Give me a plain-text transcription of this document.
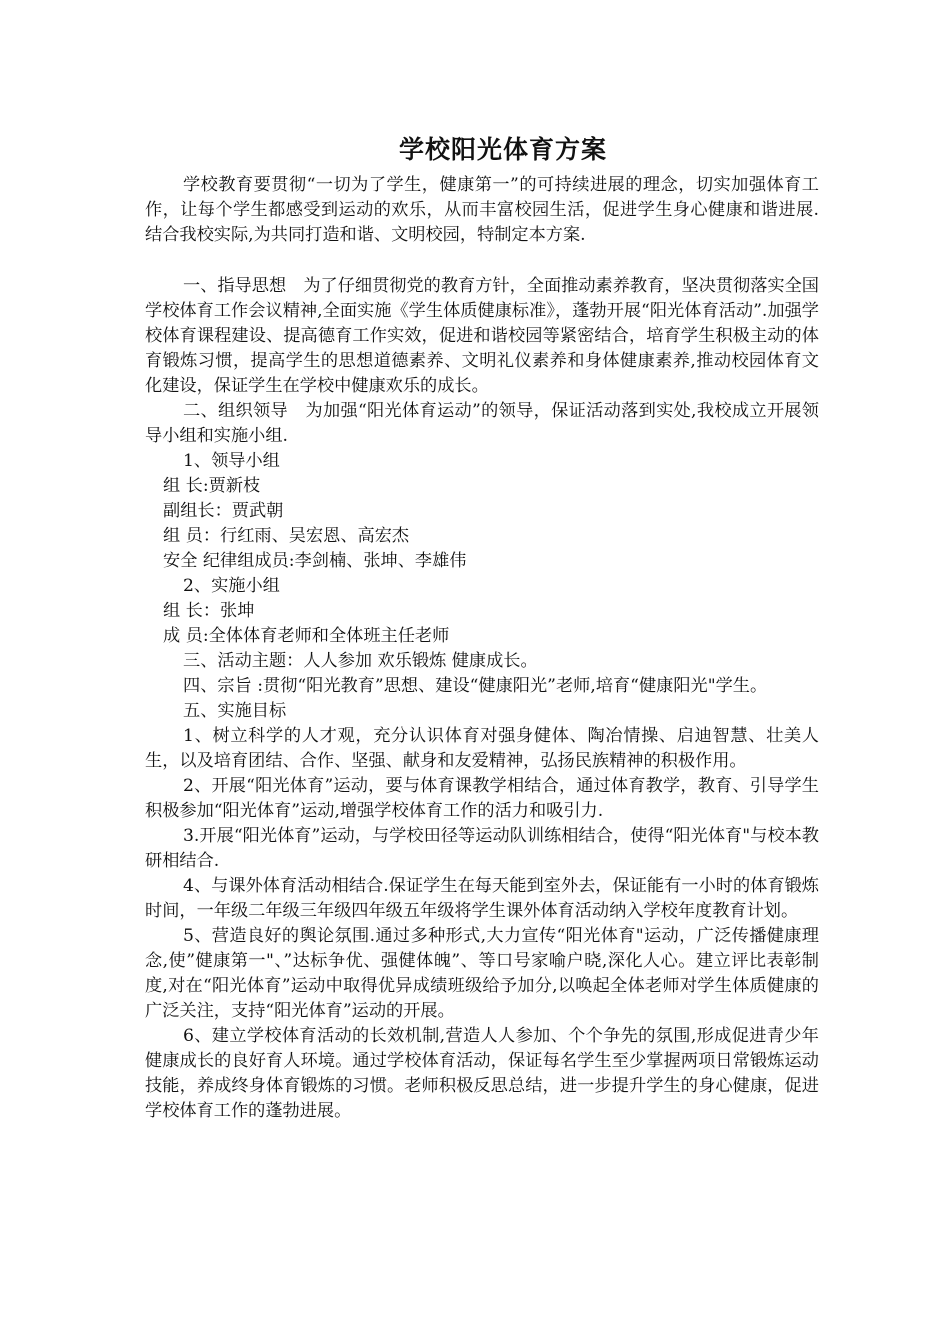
学校阳光体育方案

学校教育要贯彻“一切为了学生，健康第一”的可持续进展的理念，切实加强体育工作，让每个学生都感受到运动的欢乐，从而丰富校园生活，促进学生身心健康和谐进展.结合我校实际,为共同打造和谐、文明校园，特制定本方案.

一、指导思想　为了仔细贯彻党的教育方针，全面推动素养教育，坚决贯彻落实全国学校体育工作会议精神,全面实施《学生体质健康标准》，蓬勃开展“阳光体育活动”.加强学校体育课程建设、提高德育工作实效，促进和谐校园等紧密结合，培育学生积极主动的体育锻炼习惯，提高学生的思想道德素养、文明礼仪素养和身体健康素养,推动校园体育文化建设，保证学生在学校中健康欢乐的成长。

二、组织领导　为加强“阳光体育运动”的领导，保证活动落到实处,我校成立开展领导小组和实施小组.

1、领导小组

组 长:贾新枝

副组长：贾武朝

组 员：行红雨、吴宏恩、高宏杰

安全 纪律组成员:李剑楠、张坤、李雄伟

2、实施小组

组 长：张坤

成 员:全体体育老师和全体班主任老师

三、活动主题：人人参加 欢乐锻炼 健康成长。

四、宗旨 :贯彻“阳光教育”思想、建设“健康阳光”老师,培育“健康阳光"学生。

五、实施目标

1、树立科学的人才观，充分认识体育对强身健体、陶冶情操、启迪智慧、壮美人生，以及培育团结、合作、坚强、献身和友爱精神，弘扬民族精神的积极作用。

2、开展“阳光体育”运动，要与体育课教学相结合，通过体育教学，教育、引导学生积极参加“阳光体育”运动,增强学校体育工作的活力和吸引力.

3.开展“阳光体育”运动，与学校田径等运动队训练相结合，使得“阳光体育"与校本教研相结合.

4、与课外体育活动相结合.保证学生在每天能到室外去，保证能有一小时的体育锻炼时间，一年级二年级三年级四年级五年级将学生课外体育活动纳入学校年度教育计划。

5、营造良好的舆论氛围.通过多种形式,大力宣传“阳光体育"运动，广泛传播健康理念,使”健康第一"、”达标争优、强健体魄”、等口号家喻户晓,深化人心。建立评比表彰制度,对在“阳光体育”运动中取得优异成绩班级给予加分,以唤起全体老师对学生体质健康的广泛关注，支持“阳光体育”运动的开展。

6、建立学校体育活动的长效机制,营造人人参加、个个争先的氛围,形成促进青少年健康成长的良好育人环境。通过学校体育活动，保证每名学生至少掌握两项日常锻炼运动技能，养成终身体育锻炼的习惯。老师积极反思总结，进一步提升学生的身心健康，促进学校体育工作的蓬勃进展。
